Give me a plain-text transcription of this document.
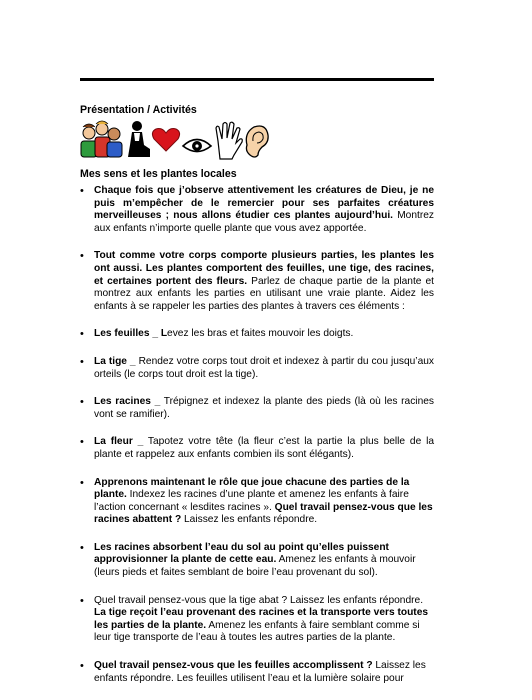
Présentation / Activités
Mes sens et les plantes locales
• Chaque fois que j’observe attentivement les créatures de Dieu, je ne puis m’empêcher de le remercier pour ses parfaites créatures merveilleuses ; nous allons étudier ces plantes aujourd’hui. Montrez aux enfants n’importe quelle plante que vous avez apportée.
• Tout comme votre corps comporte plusieurs parties, les plantes les ont aussi. Les plantes comportent des feuilles, une tige, des racines, et certaines portent des fleurs. Parlez de chaque partie de la plante et montrez aux enfants les parties en utilisant une vraie plante. Aidez les enfants à se rappeler les parties des plantes à travers ces éléments :
• Les feuilles _ Levez les bras et faites mouvoir les doigts.
• La tige _ Rendez votre corps tout droit et indexez à partir du cou jusqu’aux orteils (le corps tout droit est la tige).
• Les racines _ Trépignez et indexez la plante des pieds (là où les racines vont se ramifier).
• La fleur _ Tapotez votre tête (la fleur c’est la partie la plus belle de la plante et rappelez aux enfants combien ils sont élégants).
• Apprenons maintenant le rôle que joue chacune des parties de la plante. Indexez les racines d’une plante et amenez les enfants à faire l’action concernant « lesdites racines ». Quel travail pensez-vous que les racines abattent ? Laissez les enfants répondre.
• Les racines absorbent l’eau du sol au point qu’elles puissent approvisionner la plante de cette eau. Amenez les enfants à mouvoir (leurs pieds et faites semblant de boire l’eau provenant du sol).
• Quel travail pensez-vous que la tige abat ? Laissez les enfants répondre. La tige reçoit l’eau provenant des racines et la transporte vers toutes les parties de la plante. Amenez les enfants à faire semblant comme si leur tige transporte de l’eau à toutes les autres parties de la plante.
• Quel travail pensez-vous que les feuilles accomplissent ? Laissez les enfants répondre. Les feuilles utilisent l’eau et la lumière solaire pour
